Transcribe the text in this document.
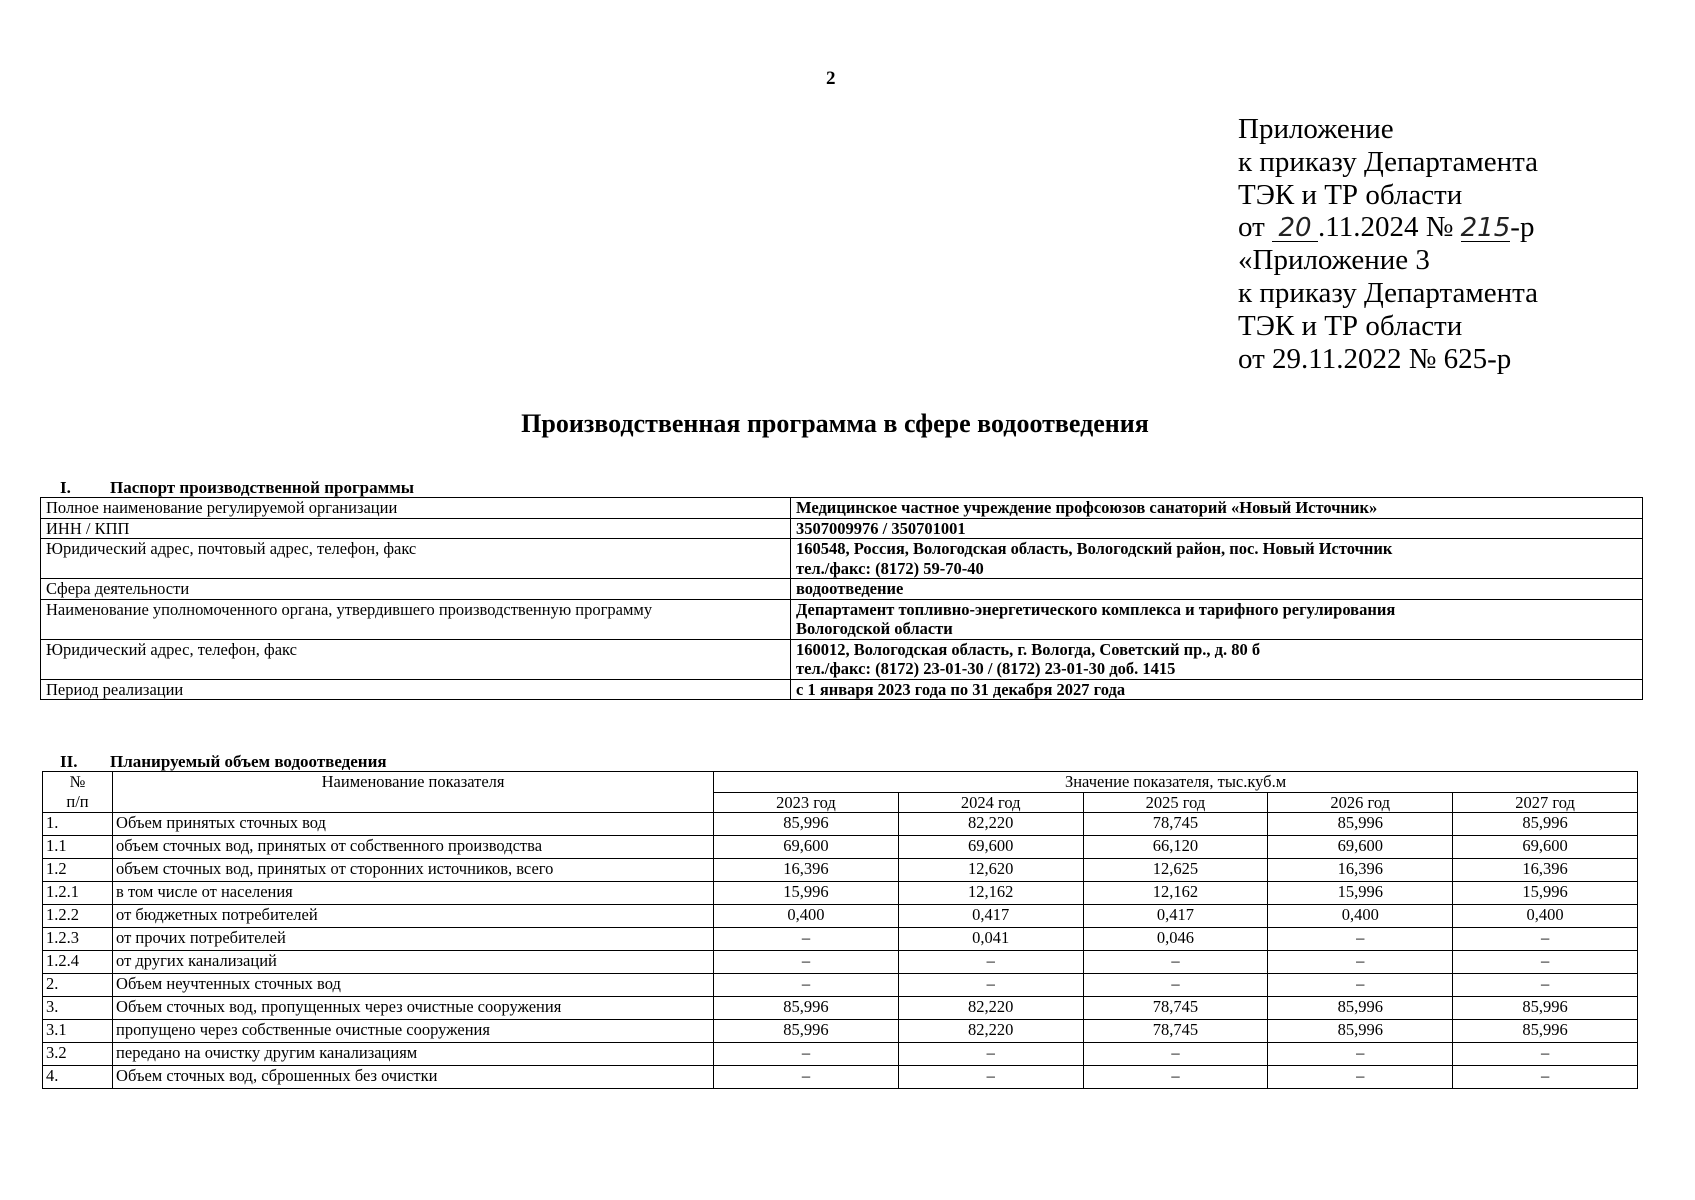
2
Приложение
к приказу Департамента
ТЭК и ТР области
от 20 .11.2024 № 215-р
«Приложение 3
к приказу Департамента
ТЭК и ТР области
от 29.11.2022 № 625-р
Производственная программа в сфере водоотведения
I. Паспорт производственной программы
Полное наименование регулируемой организации	Медицинское частное учреждение профсоюзов санаторий «Новый Источник»
ИНН / КПП	3507009976 / 350701001
Юридический адрес, почтовый адрес, телефон, факс	160548, Россия, Вологодская область, Вологодский район, пос. Новый Источник
тел./факс: (8172) 59-70-40

Сфера деятельности	водоотведение
Наименование уполномоченного органа, утвердившего производственную программу	Департамент топливно-энергетического комплекса и тарифного регулирования
Вологодской области

Юридический адрес, телефон, факс	160012, Вологодская область, г. Вологда, Советский пр., д. 80 б
тел./факс: (8172) 23-01-30 / (8172) 23-01-30 доб. 1415

Период реализации	с 1 января 2023 года по 31 декабря 2027 года
II. Планируемый объем водоотведения
№
п/п	Наименование показателя	Значение показателя, тыс.куб.м				
		2023 год	2024 год	2025 год	2026 год	2027 год
1.	Объем принятых сточных вод	85,996	82,220	78,745	85,996	85,996
1.1	объем сточных вод, принятых от собственного производства	69,600	69,600	66,120	69,600	69,600
1.2	объем сточных вод, принятых от сторонних источников, всего	16,396	12,620	12,625	16,396	16,396
1.2.1	в том числе от населения	15,996	12,162	12,162	15,996	15,996
1.2.2	от бюджетных потребителей	0,400	0,417	0,417	0,400	0,400
1.2.3	от прочих потребителей	–	0,041	0,046	–	–
1.2.4	от других канализаций	–	–	–	–	–
2.	Объем неучтенных сточных вод	–	–	–	–	–
3.	Объем сточных вод, пропущенных через очистные сооружения	85,996	82,220	78,745	85,996	85,996
3.1	пропущено через собственные очистные сооружения	85,996	82,220	78,745	85,996	85,996
3.2	передано на очистку другим канализациям	–	–	–	–	–
4.	Объем сточных вод, сброшенных без очистки	–	–	–	–	–
